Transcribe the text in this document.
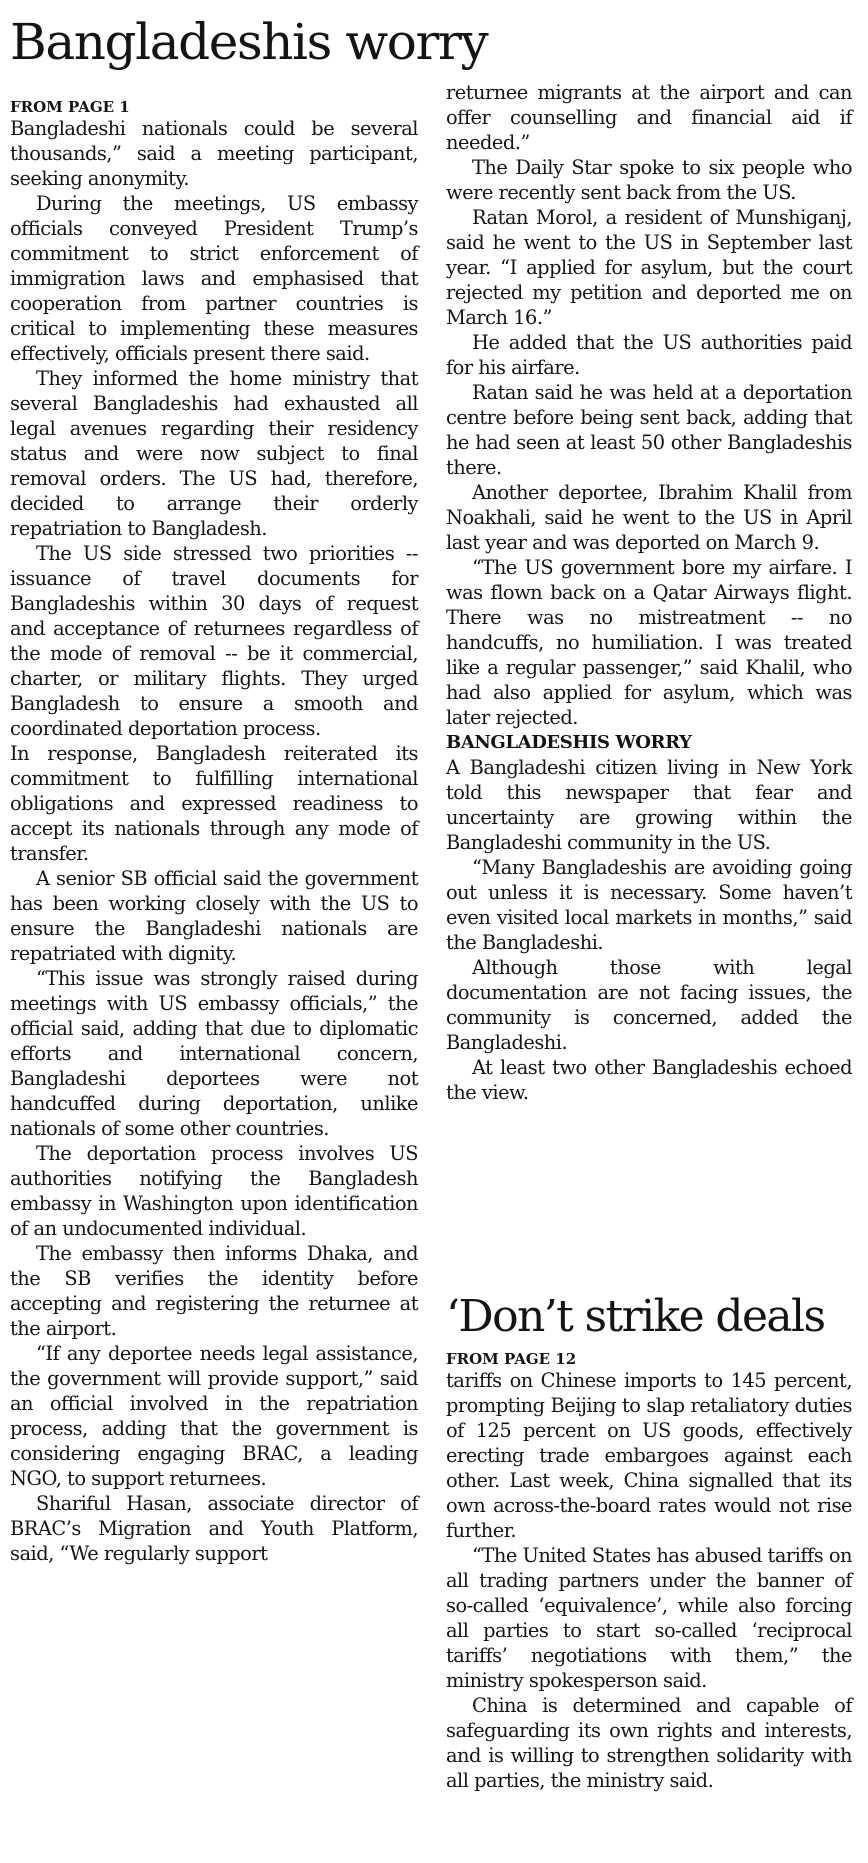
Bangladeshis worry
FROM PAGE 1

Bangladeshi nationals could be several thousands,” said a meeting participant, seeking anonymity.

During the meetings, US embassy officials conveyed President Trump’s commitment to strict enforcement of immigration laws and emphasised that cooperation from partner countries is critical to implementing these measures effectively, officials present there said.

They informed the home ministry that several Bangladeshis had exhausted all legal avenues regarding their residency status and were now subject to final removal orders. The US had, therefore, decided to arrange their orderly repatriation to Bangladesh.

The US side stressed two priorities -- issuance of travel documents for Bangladeshis within 30 days of request and acceptance of returnees regardless of the mode of removal -- be it commercial, charter, or military flights. They urged Bangladesh to ensure a smooth and coordinated deportation process.

In response, Bangladesh reiterated its commitment to fulfilling international obligations and expressed readiness to accept its nationals through any mode of transfer.

A senior SB official said the government has been working closely with the US to ensure the Bangladeshi nationals are repatriated with dignity.

“This issue was strongly raised during meetings with US embassy officials,” the official said, adding that due to diplomatic efforts and international concern, Bangladeshi deportees were not handcuffed during deportation, unlike nationals of some other countries.

The deportation process involves US authorities notifying the Bangladesh embassy in Washington upon identification of an undocumented individual.

The embassy then informs Dhaka, and the SB verifies the identity before accepting and registering the returnee at the airport.

“If any deportee needs legal assistance, the government will provide support,” said an official involved in the repatriation process, adding that the government is considering engaging BRAC, a leading NGO, to support returnees.

Shariful Hasan, associate director of BRAC’s Migration and Youth Platform, said, “We regularly support

returnee migrants at the airport and can offer counselling and financial aid if needed.”

The Daily Star spoke to six people who were recently sent back from the US.

Ratan Morol, a resident of Munshiganj, said he went to the US in September last year. “I applied for asylum, but the court rejected my petition and deported me on March 16.”

He added that the US authorities paid for his airfare.

Ratan said he was held at a deportation centre before being sent back, adding that he had seen at least 50 other Bangladeshis there.

Another deportee, Ibrahim Khalil from Noakhali, said he went to the US in April last year and was deported on March 9.

“The US government bore my airfare. I was flown back on a Qatar Airways flight. There was no mistreatment -- no handcuffs, no humiliation. I was treated like a regular passenger,” said Khalil, who had also applied for asylum, which was later rejected.

BANGLADESHIS WORRY

A Bangladeshi citizen living in New York told this newspaper that fear and uncertainty are growing within the Bangladeshi community in the US.

“Many Bangladeshis are avoiding going out unless it is necessary. Some haven’t even visited local markets in months,” said the Bangladeshi.

Although those with legal documentation are not facing issues, the community is concerned, added the Bangladeshi.

At least two other Bangladeshis echoed the view.

‘Don’t strike deals
FROM PAGE 12

tariffs on Chinese imports to 145 percent, prompting Beijing to slap retaliatory duties of 125 percent on US goods, effectively erecting trade embargoes against each other. Last week, China signalled that its own across-the-board rates would not rise further.

“The United States has abused tariffs on all trading partners under the banner of so-called ‘equivalence’, while also forcing all parties to start so-called ‘reciprocal tariffs’ negotiations with them,” the ministry spokesperson said.

China is determined and capable of safeguarding its own rights and interests, and is willing to strengthen solidarity with all parties, the ministry said.
